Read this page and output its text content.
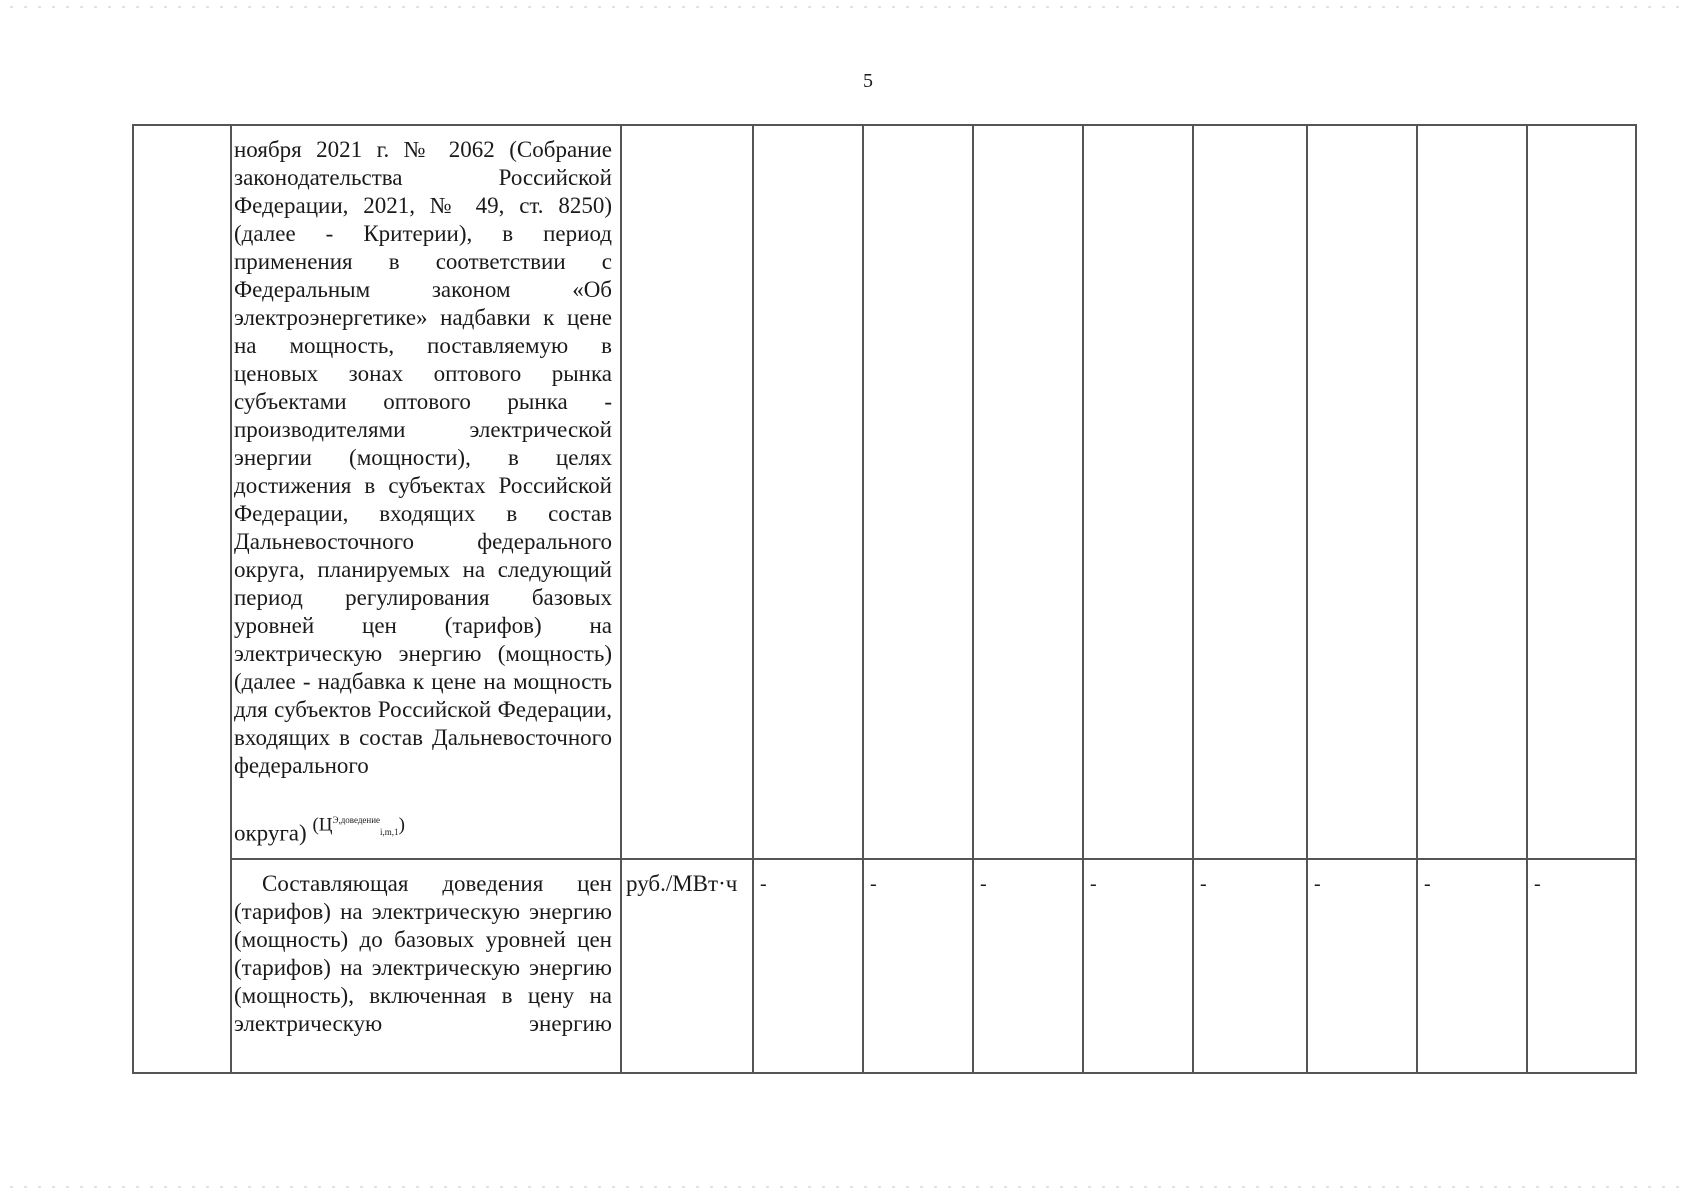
5

ноября 2021 г. № 2062 (Собрание законодательства Российской Федерации, 2021, № 49, ст. 8250) (далее - Критерии), в период применения в соответствии с Федеральным законом «Об электроэнергетике» надбавки к цене на мощность, поставляемую в ценовых зонах оптового рынка субъектами оптового рынка - производителями электрической энергии (мощности), в целях достижения в субъектах Российской Федерации, входящих в состав Дальневосточного федерального округа, планируемых на следующий период регулирования базовых уровней цен (тарифов) на электрическую энергию (мощность) (далее - надбавка к цене на мощность для субъектов Российской Федерации, входящих в состав Дальневосточного федерального

округа) $(Ц^{Э,доведение}_{i,m,1})$

Составляющая доведения цен (тарифов) на электрическую энергию (мощность) до базовых уровней цен (тарифов) на электрическую энергию (мощность), включенная в цену на электрическую энергию

руб./МВт·ч -	-	-	-	-	-	-	-
